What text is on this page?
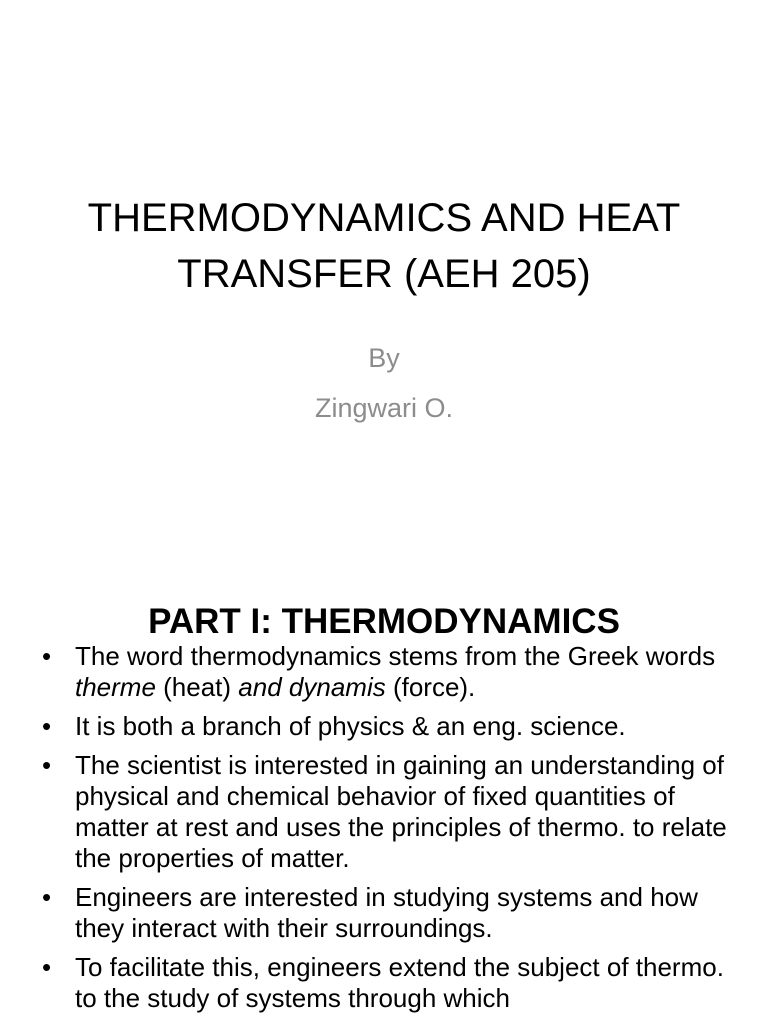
THERMODYNAMICS AND HEAT
TRANSFER (AEH 205)
By
Zingwari O.
PART I: THERMODYNAMICS
• The word thermodynamics stems from the Greek words therme (heat) and dynamis (force).
• It is both a branch of physics & an eng. science.
• The scientist is interested in gaining an understanding of physical and chemical behavior of fixed quantities of matter at rest and uses the principles of thermo. to relate the properties of matter.
• Engineers are interested in studying systems and how they interact with their surroundings.
• To facilitate this, engineers extend the subject of thermo. to the study of systems through which
